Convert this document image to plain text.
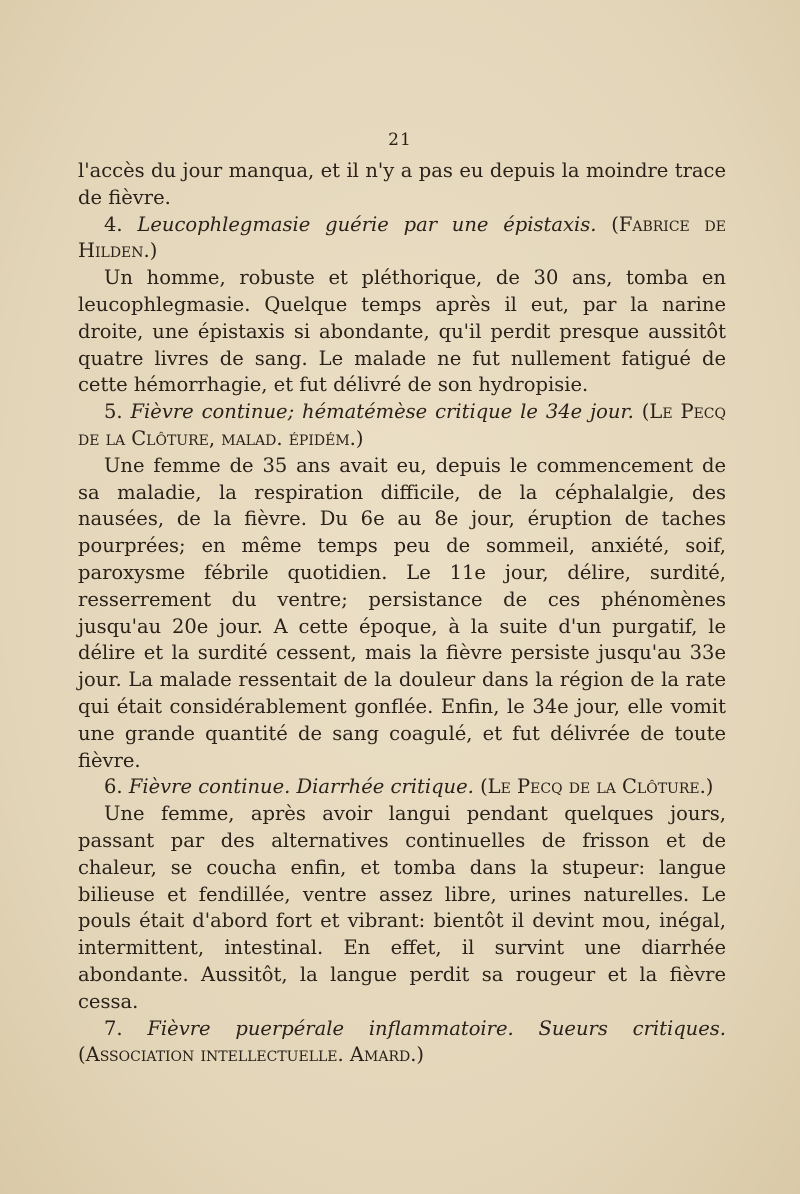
21

l'accès du jour manqua, et il n'y a pas eu depuis la moindre trace de fièvre.

4. Leucophlegmasie guérie par une épistaxis. (Fabrice de Hilden.)

Un homme, robuste et pléthorique, de 30 ans, tomba en leucophlegmasie. Quelque temps après il eut, par la narine droite, une épistaxis si abondante, qu'il perdit presque aussitôt quatre livres de sang. Le malade ne fut nullement fatigué de cette hémorrhagie, et fut délivré de son hydropisie.

5. Fièvre continue; hématémèse critique le 34e jour. (Le Pecq de la Clôture, malad. épidém.)

Une femme de 35 ans avait eu, depuis le commencement de sa maladie, la respiration difficile, de la céphalalgie, des nausées, de la fièvre. Du 6e au 8e jour, éruption de taches pourprées; en même temps peu de sommeil, anxiété, soif, paroxysme fébrile quotidien. Le 11e jour, délire, surdité, resserrement du ventre; persistance de ces phénomènes jusqu'au 20e jour. A cette époque, à la suite d'un purgatif, le délire et la surdité cessent, mais la fièvre persiste jusqu'au 33e jour. La malade ressentait de la douleur dans la région de la rate qui était considérablement gonflée. Enfin, le 34e jour, elle vomit une grande quantité de sang coagulé, et fut délivrée de toute fièvre.

6. Fièvre continue. Diarrhée critique. (Le Pecq de la Clôture.)

Une femme, après avoir langui pendant quelques jours, passant par des alternatives continuelles de frisson et de chaleur, se coucha enfin, et tomba dans la stupeur: langue bilieuse et fendillée, ventre assez libre, urines naturelles. Le pouls était d'abord fort et vibrant: bientôt il devint mou, inégal, intermittent, intestinal. En effet, il survint une diarrhée abondante. Aussitôt, la langue perdit sa rougeur et la fièvre cessa.

7. Fièvre puerpérale inflammatoire. Sueurs critiques. (Association intellectuelle. Amard.)
